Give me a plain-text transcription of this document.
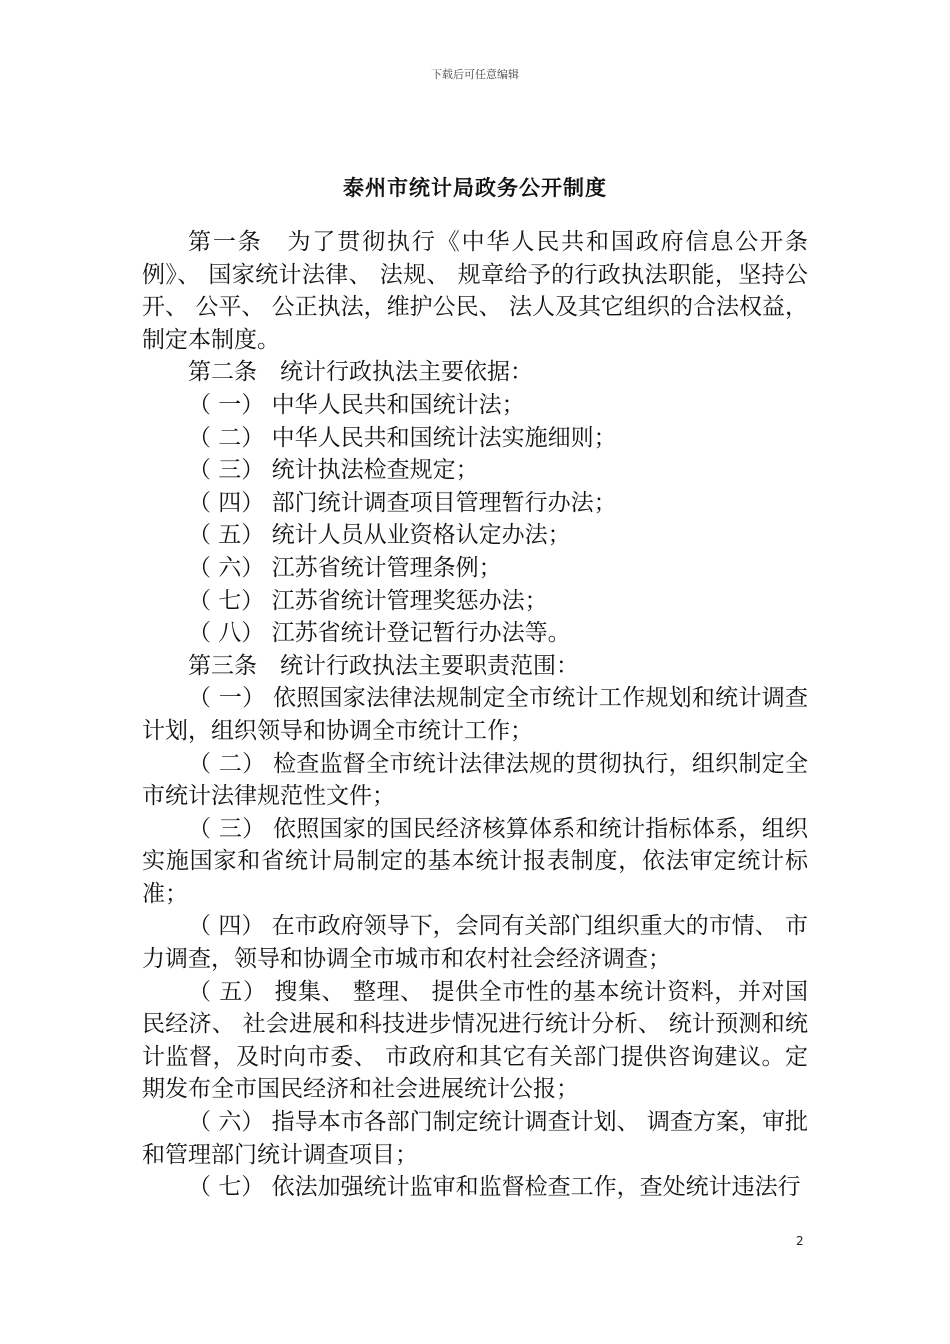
下载后可任意编辑
泰州市统计局政务公开制度

第一条　为了贯彻执行《中华人民共和国政府信息公开条例》、 国家统计法律、 法规、 规章给予的行政执法职能，坚持公开、 公平、 公正执法，维护公民、 法人及其它组织的合法权益，制定本制度。

第二条　统计行政执法主要依据：

（ 一） 中华人民共和国统计法；

（ 二） 中华人民共和国统计法实施细则；

（ 三） 统计执法检查规定；

（ 四） 部门统计调查项目管理暂行办法；

（ 五） 统计人员从业资格认定办法；

（ 六） 江苏省统计管理条例；

（ 七） 江苏省统计管理奖惩办法；

（ 八） 江苏省统计登记暂行办法等。

第三条　统计行政执法主要职责范围：

（ 一） 依照国家法律法规制定全市统计工作规划和统计调查计划，组织领导和协调全市统计工作；

（ 二） 检查监督全市统计法律法规的贯彻执行，组织制定全市统计法律规范性文件；

（ 三） 依照国家的国民经济核算体系和统计指标体系，组织实施国家和省统计局制定的基本统计报表制度，依法审定统计标准；

（ 四） 在市政府领导下，会同有关部门组织重大的市情、 市力调查，领导和协调全市城市和农村社会经济调查；

（ 五） 搜集、 整理、 提供全市性的基本统计资料，并对国民经济、 社会进展和科技进步情况进行统计分析、 统计预测和统计监督，及时向市委、 市政府和其它有关部门提供咨询建议。定期发布全市国民经济和社会进展统计公报；

（ 六） 指导本市各部门制定统计调查计划、 调查方案，审批和管理部门统计调查项目；

（ 七） 依法加强统计监审和监督检查工作，查处统计违法行

2
